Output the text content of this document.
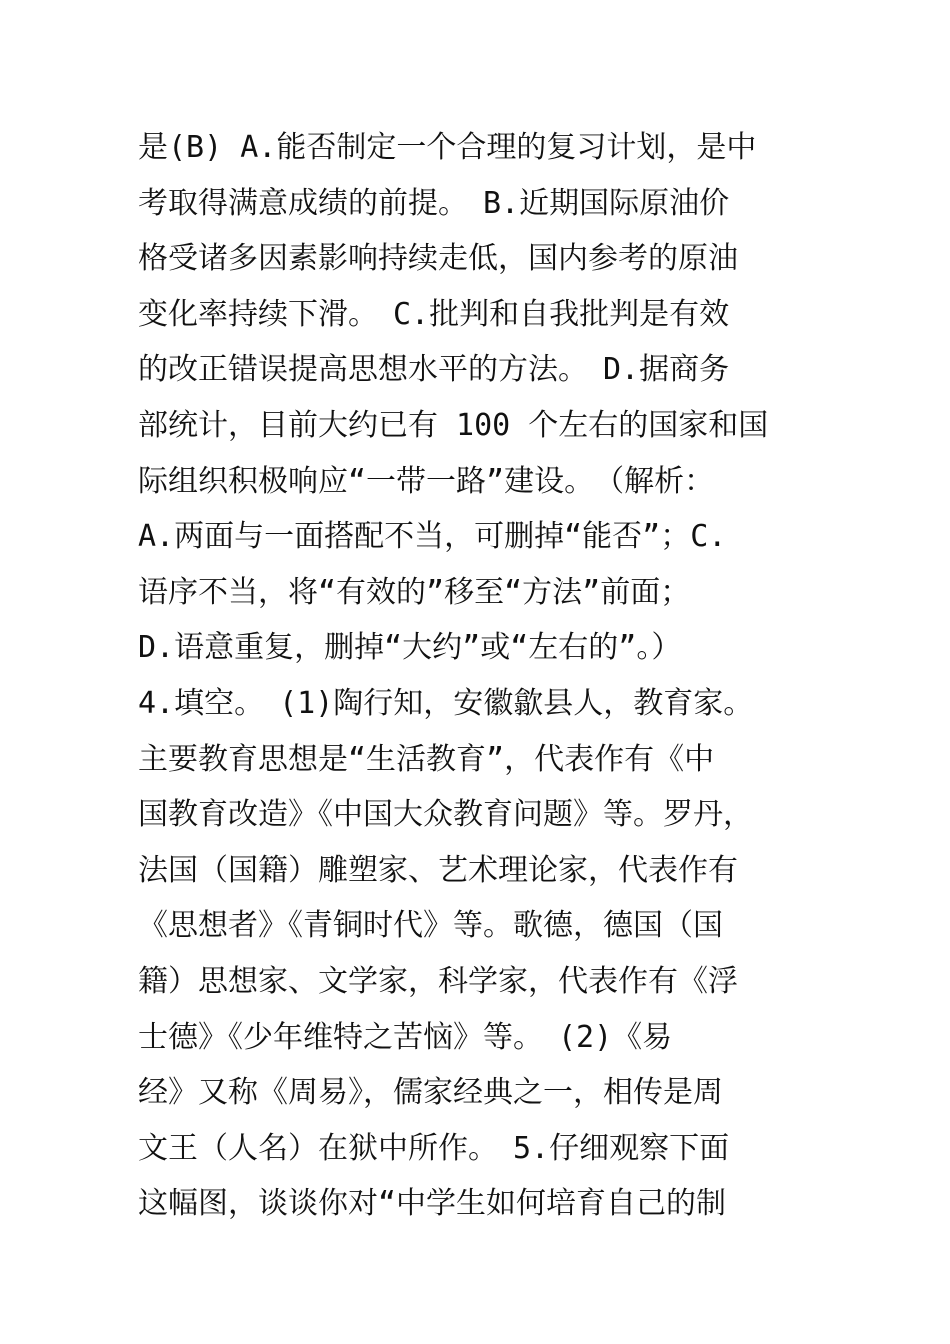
是(B) A.能否制定一个合理的复习计划，是中
考取得满意成绩的前提。　B.近期国际原油价
格受诸多因素影响持续走低，国内参考的原油
变化率持续下滑。　C.批判和自我批判是有效
的改正错误提高思想水平的方法。　D.据商务
部统计，目前大约已有 100 个左右的国家和国
际组织积极响应“一带一路”建设。　（解析：
A.两面与一面搭配不当，可删掉“能否”；C.
语序不当，将“有效的”移至“方法”前面；
D.语意重复，删掉“大约”或“左右的”。）
4.填空。　(1)陶行知，安徽歙县人，教育家。
主要教育思想是“生活教育”，代表作有《中
国教育改造》《中国大众教育问题》等。罗丹，
法国（国籍）雕塑家、艺术理论家，代表作有
《思想者》《青铜时代》等。歌德，德国（国
籍）思想家、文学家，科学家，代表作有《浮
士德》《少年维特之苦恼》等。　(2)《易
经》又称《周易》，儒家经典之一，相传是周
文王（人名）在狱中所作。　5.仔细观察下面
这幅图，谈谈你对“中学生如何培育自己的制
